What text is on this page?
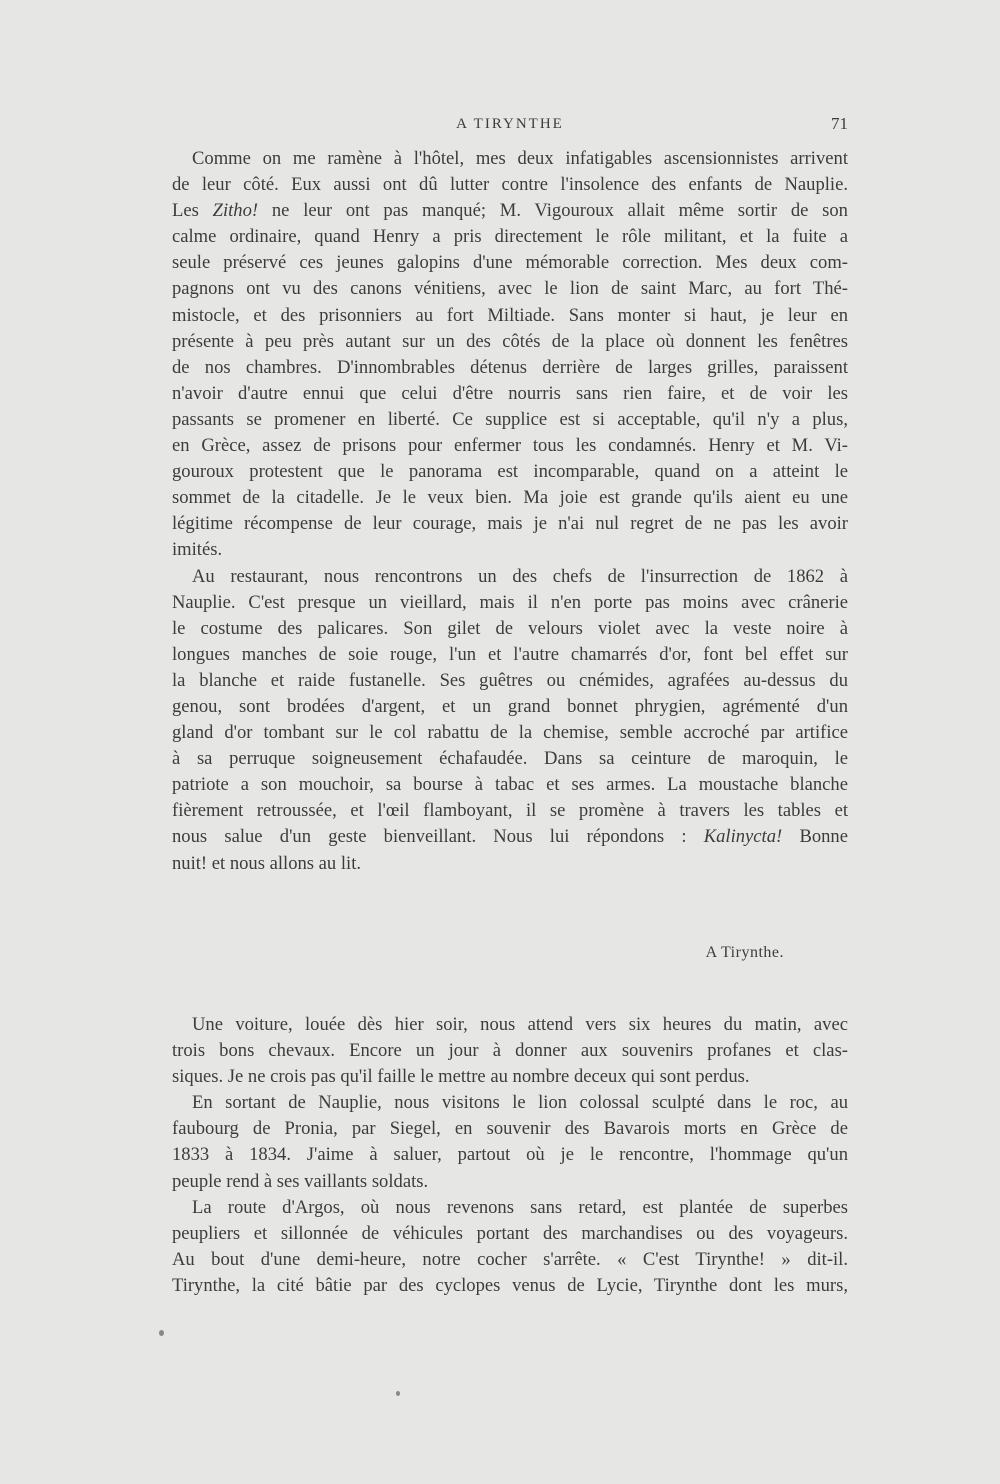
A TIRYNTHE	71
Comme on me ramène à l'hôtel, mes deux infatigables ascensionnistes arrivent
de leur côté. Eux aussi ont dû lutter contre l'insolence des enfants de Nauplie.
Les Zitho! ne leur ont pas manqué; M. Vigouroux allait même sortir de son
calme ordinaire, quand Henry a pris directement le rôle militant, et la fuite a
seule préservé ces jeunes galopins d'une mémorable correction. Mes deux com-
pagnons ont vu des canons vénitiens, avec le lion de saint Marc, au fort Thé-
mistocle, et des prisonniers au fort Miltiade. Sans monter si haut, je leur en
présente à peu près autant sur un des côtés de la place où donnent les fenêtres
de nos chambres. D'innombrables détenus derrière de larges grilles, paraissent
n'avoir d'autre ennui que celui d'être nourris sans rien faire, et de voir les
passants se promener en liberté. Ce supplice est si acceptable, qu'il n'y a plus,
en Grèce, assez de prisons pour enfermer tous les condamnés. Henry et M. Vi-
gouroux protestent que le panorama est incomparable, quand on a atteint le
sommet de la citadelle. Je le veux bien. Ma joie est grande qu'ils aient eu une
légitime récompense de leur courage, mais je n'ai nul regret de ne pas les avoir
imités.
Au restaurant, nous rencontrons un des chefs de l'insurrection de 1862 à
Nauplie. C'est presque un vieillard, mais il n'en porte pas moins avec crânerie
le costume des palicares. Son gilet de velours violet avec la veste noire à
longues manches de soie rouge, l'un et l'autre chamarrés d'or, font bel effet sur
la blanche et raide fustanelle. Ses guêtres ou cnémides, agrafées au-dessus du
genou, sont brodées d'argent, et un grand bonnet phrygien, agrémenté d'un
gland d'or tombant sur le col rabattu de la chemise, semble accroché par artifice
à sa perruque soigneusement échafaudée. Dans sa ceinture de maroquin, le
patriote a son mouchoir, sa bourse à tabac et ses armes. La moustache blanche
fièrement retroussée, et l'œil flamboyant, il se promène à travers les tables et
nous salue d'un geste bienveillant. Nous lui répondons : Kalinycta! Bonne
nuit! et nous allons au lit.
A Tirynthe.
Une voiture, louée dès hier soir, nous attend vers six heures du matin, avec
trois bons chevaux. Encore un jour à donner aux souvenirs profanes et clas-
siques. Je ne crois pas qu'il faille le mettre au nombre deceux qui sont perdus.
En sortant de Nauplie, nous visitons le lion colossal sculpté dans le roc, au
faubourg de Pronia, par Siegel, en souvenir des Bavarois morts en Grèce de
1833 à 1834. J'aime à saluer, partout où je le rencontre, l'hommage qu'un
peuple rend à ses vaillants soldats.
La route d'Argos, où nous revenons sans retard, est plantée de superbes
peupliers et sillonnée de véhicules portant des marchandises ou des voyageurs.
Au bout d'une demi-heure, notre cocher s'arrête. « C'est Tirynthe! » dit-il.
Tirynthe, la cité bâtie par des cyclopes venus de Lycie, Tirynthe dont les murs,
